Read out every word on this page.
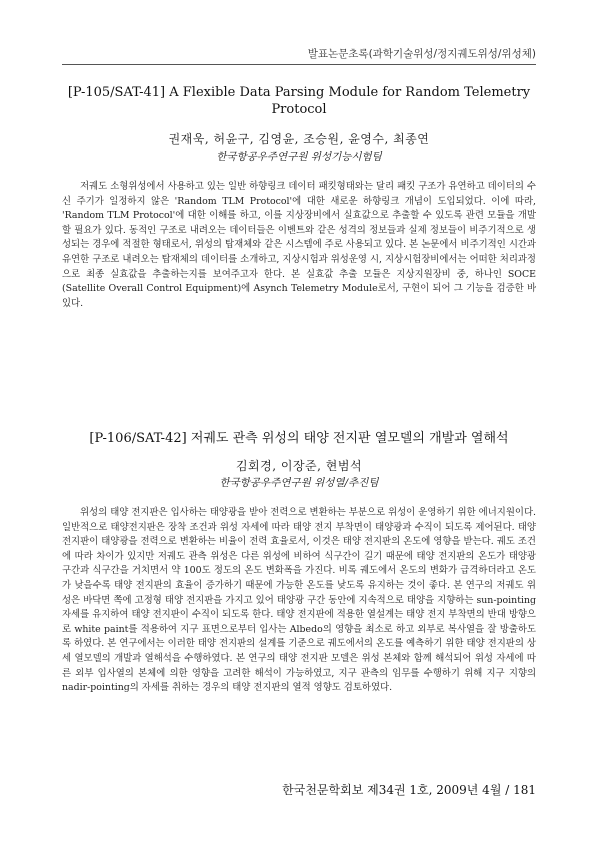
발표논문초록(과학기술위성/정지궤도위성/위성체)
[P-105/SAT-41] A Flexible Data Parsing Module for Random Telemetry Protocol
권재욱, 허윤구, 김영윤, 조승원, 윤영수, 최종연
한국항공우주연구원 위성기능시험팀

저궤도 소형위성에서 사용하고 있는 일반 하향링크 데이터 패킷형태와는 달리 패킷 구조가 유연하고 데이터의 수신 주기가 일정하지 않은 'Random TLM Protocol'에 대한 새로운 하향링크 개념이 도입되었다. 이에 따라, 'Random TLM Protocol'에 대한 이해를 하고, 이를 지상장비에서 실효값으로 추출할 수 있도록 관련 모듈을 개발할 필요가 있다. 동적인 구조로 내려오는 데이터들은 이벤트와 같은 성격의 정보들과 실제 정보들이 비주기적으로 생성되는 경우에 적절한 형태로서, 위성의 탑재체와 같은 시스템에 주로 사용되고 있다. 본 논문에서 비주기적인 시간과 유연한 구조로 내려오는 탑재체의 데이터를 소개하고, 지상시험과 위성운영 시, 지상시험장비에서는 어떠한 처리과정으로 최종 실효값을 추출하는지를 보여주고자 한다. 본 실효값 추출 모듈은 지상지원장비 중, 하나인 SOCE (Satellite Overall Control Equipment)에 Asynch Telemetry Module로서, 구현이 되어 그 기능을 검증한 바 있다.

[P-106/SAT-42] 저궤도 관측 위성의 태양 전지판 열모델의 개발과 열해석
김회경, 이장준, 현범석
한국항공우주연구원 위성열/추진팀

위성의 태양 전지판은 입사하는 태양광을 받아 전력으로 변환하는 부분으로 위성이 운영하기 위한 에너지원이다. 일반적으로 태양전지판은 장착 조건과 위성 자세에 따라 태양 전지 부착면이 태양광과 수직이 되도록 제어된다. 태양 전지판이 태양광을 전력으로 변환하는 비율이 전력 효율로서, 이것은 태양 전지판의 온도에 영향을 받는다. 궤도 조건에 따라 차이가 있지만 저궤도 관측 위성은 다른 위성에 비하여 식구간이 길기 때문에 태양 전지판의 온도가 태양광 구간과 식구간을 거치면서 약 100도 정도의 온도 변화폭을 가진다. 비록 궤도에서 온도의 변화가 급격하더라고 온도가 낮을수록 태양 전지판의 효율이 증가하기 때문에 가능한 온도를 낮도록 유지하는 것이 좋다. 본 연구의 저궤도 위성은 바닥면 쪽에 고정형 태양 전지판을 가지고 있어 태양광 구간 동안에 지속적으로 태양을 지향하는 sun-pointing 자세를 유지하여 태양 전지판이 수직이 되도록 한다. 태양 전지판에 적용한 열설계는 태양 전지 부착면의 반대 방향으로 white paint를 적용하여 지구 표면으로부터 입사는 Albedo의 영향을 최소로 하고 외부로 복사열을 잘 방출하도록 하였다. 본 연구에서는 이러한 태양 전지판의 설계를 기준으로 궤도에서의 온도를 예측하기 위한 태양 전지판의 상세 열모델의 개발과 열해석을 수행하였다. 본 연구의 태양 전지판 모델은 위성 본체와 함께 해석되어 위성 자세에 따른 외부 입사열의 본체에 의한 영향을 고려한 해석이 가능하였고, 지구 관측의 임무를 수행하기 위해 지구 지향의 nadir-pointing의 자세를 취하는 경우의 태양 전지판의 열적 영향도 검토하였다.

한국천문학회보 제34권 1호, 2009년 4월 / 181
